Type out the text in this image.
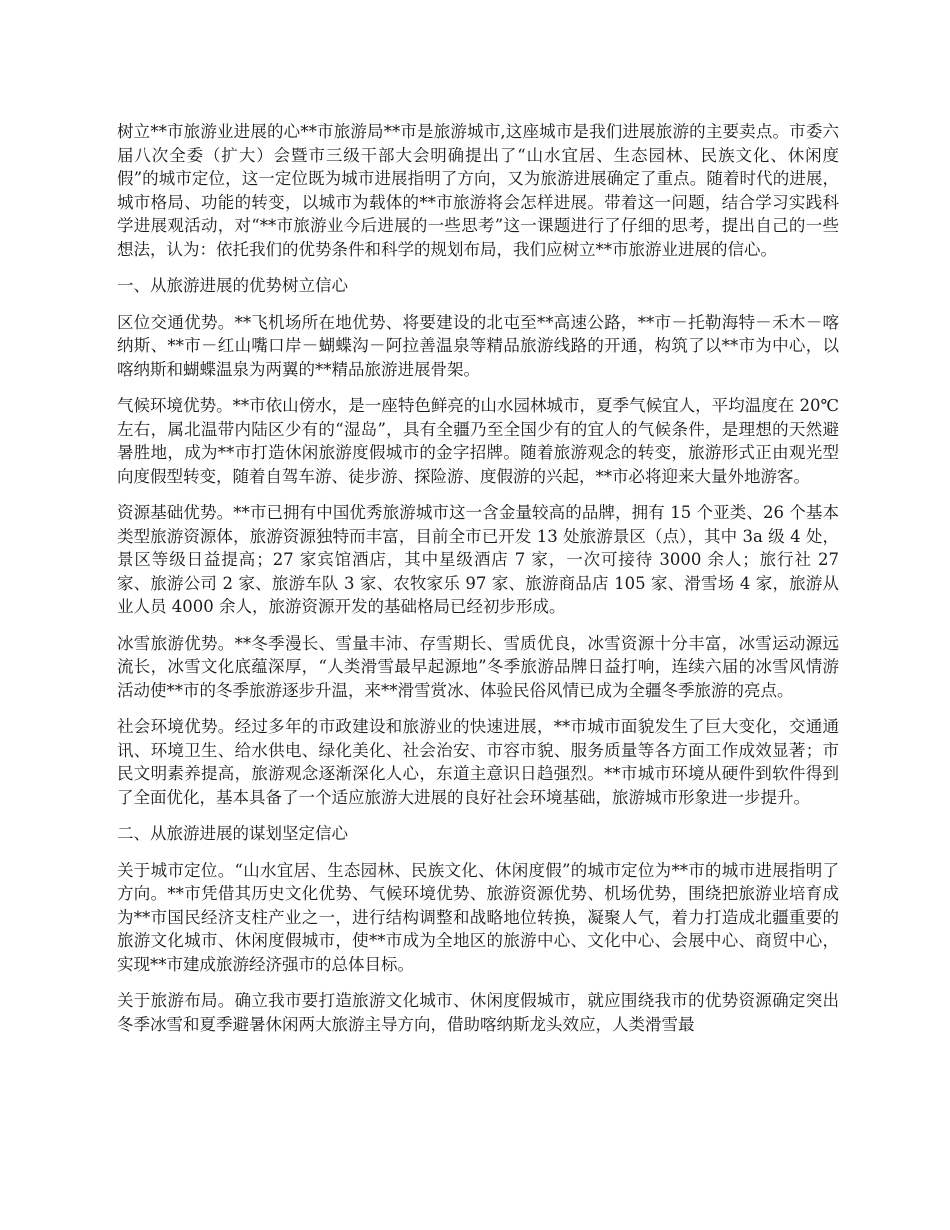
树立**市旅游业进展的心**市旅游局**市是旅游城市,这座城市是我们进展旅游的主要卖点。市委六届八次全委（扩大）会暨市三级干部大会明确提出了“山水宜居、生态园林、民族文化、休闲度假”的城市定位，这一定位既为城市进展指明了方向，又为旅游进展确定了重点。随着时代的进展，城市格局、功能的转变，以城市为载体的**市旅游将会怎样进展。带着这一问题，结合学习实践科学进展观活动，对“**市旅游业今后进展的一些思考”这一课题进行了仔细的思考，提出自己的一些想法，认为：依托我们的优势条件和科学的规划布局，我们应树立**市旅游业进展的信心。

一、从旅游进展的优势树立信心

区位交通优势。**飞机场所在地优势、将要建设的北屯至**高速公路，**市－托勒海特－禾木－喀纳斯、**市－红山嘴口岸－蝴蝶沟－阿拉善温泉等精品旅游线路的开通，构筑了以**市为中心，以喀纳斯和蝴蝶温泉为两翼的**精品旅游进展骨架。

气候环境优势。**市依山傍水，是一座特色鲜亮的山水园林城市，夏季气候宜人，平均温度在 20℃左右，属北温带内陆区少有的“湿岛”，具有全疆乃至全国少有的宜人的气候条件，是理想的天然避暑胜地，成为**市打造休闲旅游度假城市的金字招牌。随着旅游观念的转变，旅游形式正由观光型向度假型转变，随着自驾车游、徒步游、探险游、度假游的兴起，**市必将迎来大量外地游客。

资源基础优势。**市已拥有中国优秀旅游城市这一含金量较高的品牌，拥有 15 个亚类、26 个基本类型旅游资源体，旅游资源独特而丰富，目前全市已开发 13 处旅游景区（点），其中 3a 级 4 处，景区等级日益提高；27 家宾馆酒店，其中星级酒店 7 家，一次可接待 3000 余人；旅行社 27 家、旅游公司 2 家、旅游车队 3 家、农牧家乐 97 家、旅游商品店 105 家、滑雪场 4 家，旅游从业人员 4000 余人，旅游资源开发的基础格局已经初步形成。

冰雪旅游优势。**冬季漫长、雪量丰沛、存雪期长、雪质优良，冰雪资源十分丰富，冰雪运动源远流长，冰雪文化底蕴深厚，“人类滑雪最早起源地”冬季旅游品牌日益打响，连续六届的冰雪风情游活动使**市的冬季旅游逐步升温，来**滑雪赏冰、体验民俗风情已成为全疆冬季旅游的亮点。

社会环境优势。经过多年的市政建设和旅游业的快速进展，**市城市面貌发生了巨大变化，交通通讯、环境卫生、给水供电、绿化美化、社会治安、市容市貌、服务质量等各方面工作成效显著；市民文明素养提高，旅游观念逐渐深化人心，东道主意识日趋强烈。**市城市环境从硬件到软件得到了全面优化，基本具备了一个适应旅游大进展的良好社会环境基础，旅游城市形象进一步提升。

二、从旅游进展的谋划坚定信心

关于城市定位。“山水宜居、生态园林、民族文化、休闲度假”的城市定位为**市的城市进展指明了方向。**市凭借其历史文化优势、气候环境优势、旅游资源优势、机场优势，围绕把旅游业培育成为**市国民经济支柱产业之一，进行结构调整和战略地位转换，凝聚人气，着力打造成北疆重要的旅游文化城市、休闲度假城市，使**市成为全地区的旅游中心、文化中心、会展中心、商贸中心，实现**市建成旅游经济强市的总体目标。

关于旅游布局。确立我市要打造旅游文化城市、休闲度假城市，就应围绕我市的优势资源确定突出冬季冰雪和夏季避暑休闲两大旅游主导方向，借助喀纳斯龙头效应，人类滑雪最
